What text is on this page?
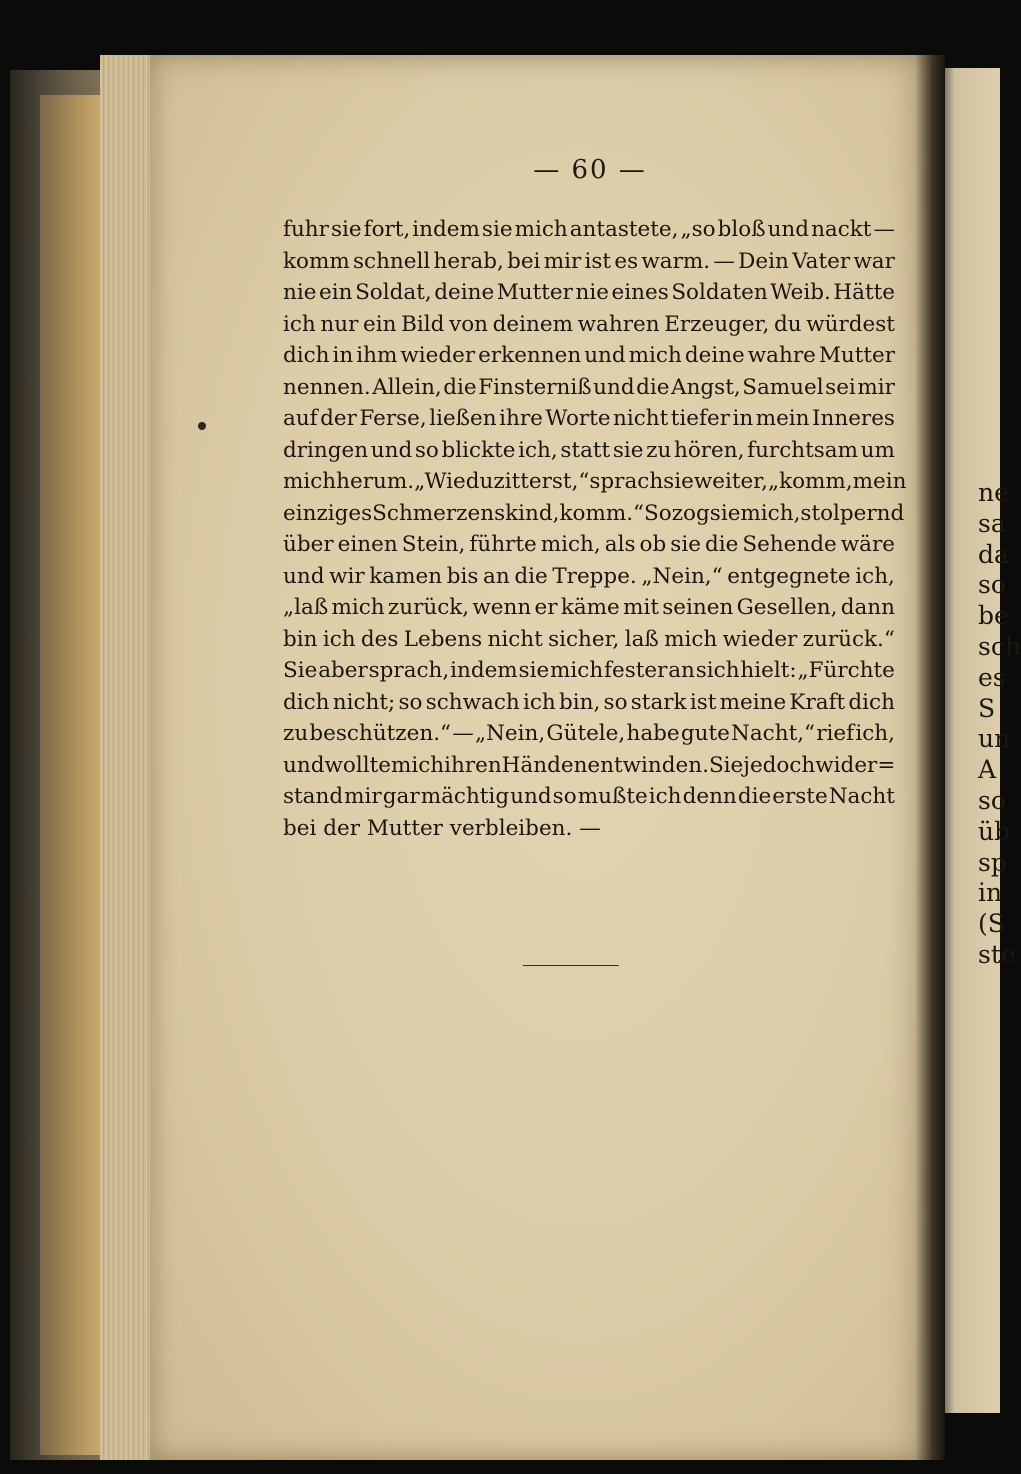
— 60 —
fuhr sie fort, indem sie mich antastete, „so bloß und nackt —
komm schnell herab, bei mir ist es warm. — Dein Vater war
nie ein Soldat, deine Mutter nie eines Soldaten Weib. Hätte
ich nur ein Bild von deinem wahren Erzeuger, du würdest
dich in ihm wieder erkennen und mich deine wahre Mutter
nennen. Allein, die Finsterniß und die Angst, Samuel sei mir
auf der Ferse, ließen ihre Worte nicht tiefer in mein Inneres
dringen und so blickte ich, statt sie zu hören, furchtsam um
mich herum. „Wie du zitterst,“ sprach sie weiter, „komm, mein
einziges Schmerzenskind, komm.“ So zog sie mich, stolpernd
über einen Stein, führte mich, als ob sie die Sehende wäre
und wir kamen bis an die Treppe. „Nein,“ entgegnete ich,
„laß mich zurück, wenn er käme mit seinen Gesellen, dann
bin ich des Lebens nicht sicher, laß mich wieder zurück.“
Sie aber sprach, indem sie mich fester an sich hielt: „Fürchte
dich nicht; so schwach ich bin, so stark ist meine Kraft dich
zu beschützen.“ — „Nein, Gütele, habe gute Nacht,“ rief ich,
und wollte mich ihren Händen entwinden. Sie jedoch wider=
stand mir gar mächtig und so mußte ich denn die erste Nacht
bei der Mutter verbleiben. —
ne
sa
da
so
be
sch
es
S
un
A
so
üb
sp
in
(S
ste
